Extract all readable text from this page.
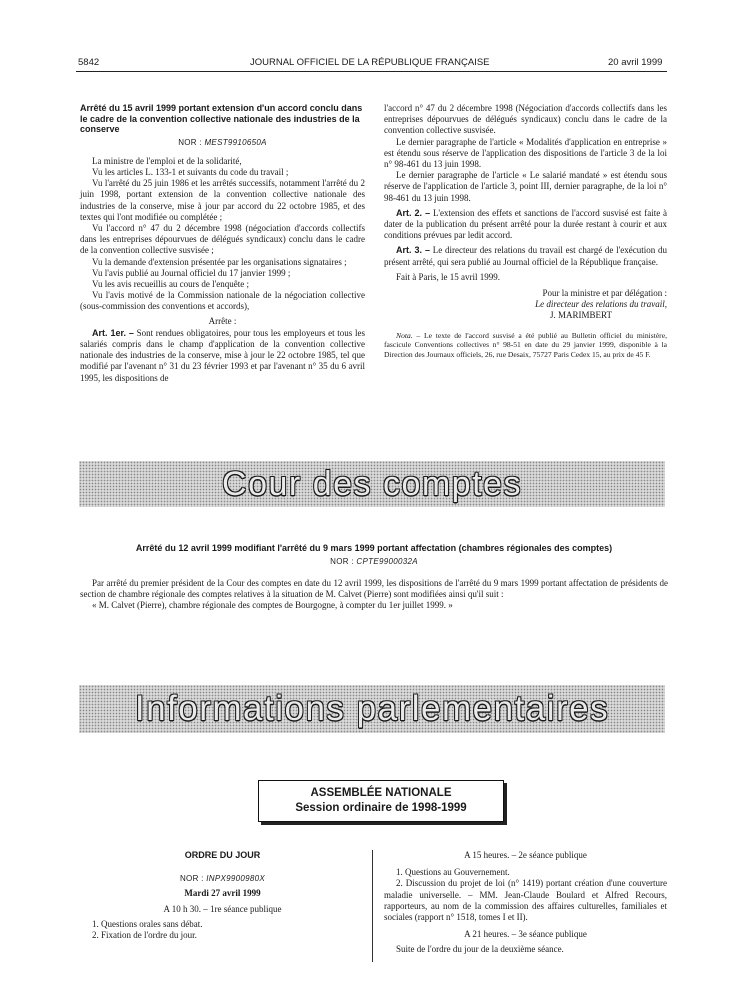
5842	JOURNAL OFFICIEL DE LA RÉPUBLIQUE FRANÇAISE	20 avril 1999
Arrêté du 15 avril 1999 portant extension d'un accord conclu dans le cadre de la convention collective nationale des industries de la conserve
NOR : MEST9910650A

La ministre de l'emploi et de la solidarité,

Vu les articles L. 133-1 et suivants du code du travail ;

Vu l'arrêté du 25 juin 1986 et les arrêtés successifs, notamment l'arrêté du 2 juin 1998, portant extension de la convention collective nationale des industries de la conserve, mise à jour par accord du 22 octobre 1985, et des textes qui l'ont modifiée ou complétée ;

Vu l'accord n° 47 du 2 décembre 1998 (négociation d'accords collectifs dans les entreprises dépourvues de délégués syndicaux) conclu dans le cadre de la convention collective susvisée ;

Vu la demande d'extension présentée par les organisations signataires ;

Vu l'avis publié au Journal officiel du 17 janvier 1999 ;

Vu les avis recueillis au cours de l'enquête ;

Vu l'avis motivé de la Commission nationale de la négociation collective (sous-commission des conventions et accords),

Arrête :

Art. 1er. – Sont rendues obligatoires, pour tous les employeurs et tous les salariés compris dans le champ d'application de la convention collective nationale des industries de la conserve, mise à jour le 22 octobre 1985, tel que modifié par l'avenant n° 31 du 23 février 1993 et par l'avenant n° 35 du 6 avril 1995, les dispositions de

l'accord n° 47 du 2 décembre 1998 (Négociation d'accords collectifs dans les entreprises dépourvues de délégués syndicaux) conclu dans le cadre de la convention collective susvisée.

Le dernier paragraphe de l'article « Modalités d'application en entreprise » est étendu sous réserve de l'application des dispositions de l'article 3 de la loi n° 98-461 du 13 juin 1998.

Le dernier paragraphe de l'article « Le salarié mandaté » est étendu sous réserve de l'application de l'article 3, point III, dernier paragraphe, de la loi n° 98-461 du 13 juin 1998.

Art. 2. – L'extension des effets et sanctions de l'accord susvisé est faite à dater de la publication du présent arrêté pour la durée restant à courir et aux conditions prévues par ledit accord.

Art. 3. – Le directeur des relations du travail est chargé de l'exécution du présent arrêté, qui sera publié au Journal officiel de la République française.

Fait à Paris, le 15 avril 1999.

Pour la ministre et par délégation :
Le directeur des relations du travail,
J. MARIMBERT

Nota. – Le texte de l'accord susvisé a été publié au Bulletin officiel du ministère, fascicule Conventions collectives n° 98-51 en date du 29 janvier 1999, disponible à la Direction des Journaux officiels, 26, rue Desaix, 75727 Paris Cedex 15, au prix de 45 F.

Cour des comptes
Arrêté du 12 avril 1999 modifiant l'arrêté du 9 mars 1999 portant affectation (chambres régionales des comptes)
NOR : CPTE9900032A

Par arrêté du premier président de la Cour des comptes en date du 12 avril 1999, les dispositions de l'arrêté du 9 mars 1999 portant affectation de présidents de section de chambre régionale des comptes relatives à la situation de M. Calvet (Pierre) sont modifiées ainsi qu'il suit :

« M. Calvet (Pierre), chambre régionale des comptes de Bourgogne, à compter du 1er juillet 1999. »

Informations parlementaires
ASSEMBLÉE NATIONALE
Session ordinaire de 1998-1999
ORDRE DU JOUR
NOR : INPX9900980X
Mardi 27 avril 1999
A 10 h 30. – 1re séance publique

1. Questions orales sans débat.

2. Fixation de l'ordre du jour.

A 15 heures. – 2e séance publique

1. Questions au Gouvernement.

2. Discussion du projet de loi (n° 1419) portant création d'une couverture maladie universelle. – MM. Jean-Claude Boulard et Alfred Recours, rapporteurs, au nom de la commission des affaires culturelles, familiales et sociales (rapport n° 1518, tomes I et II).

A 21 heures. – 3e séance publique

Suite de l'ordre du jour de la deuxième séance.
